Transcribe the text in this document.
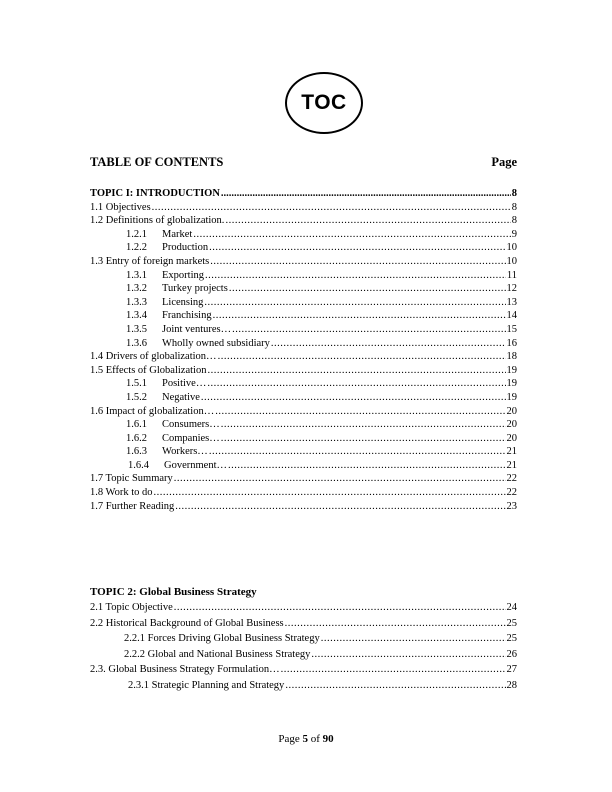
TOC
TABLE OF CONTENTS	Page
TOPIC I: INTRODUCTION .....	8
1.1 Objectives .....	8
1.2 Definitions of globalization. .....	8
1.2.1 Market .....	9
1.2.2 Production .....	10
1.3 Entry of foreign markets .....	10
1.3.1 Exporting .....	11
1.3.2 Turkey projects .....	12
1.3.3 Licensing .....	13
1.3.4 Franchising .....	14
1.3.5 Joint ventures… .....	15
1.3.6 Wholly owned subsidiary .....	16
1.4 Drivers of globalization… .....	18
1.5 Effects of Globalization .....	19
1.5.1 Positive… .....	19
1.5.2 Negative .....	19
1.6 Impact of globalization… .....	20
1.6.1 Consumers… .....	20
1.6.2 Companies… .....	20
1.6.3 Workers… .....	21
1.6.4 Government… .....	21
1.7 Topic Summary .....	22
1.8 Work to do .....	22
1.7 Further Reading .....	23
TOPIC 2: Global Business Strategy
2.1 Topic Objective .....	24
2.2 Historical Background of Global Business .....	25
2.2.1 Forces Driving Global Business Strategy .....	25
2.2.2 Global and National Business Strategy .....	26
2.3. Global Business Strategy Formulation… .....	27
2.3.1 Strategic Planning and Strategy .....	28
Page 5 of 90
